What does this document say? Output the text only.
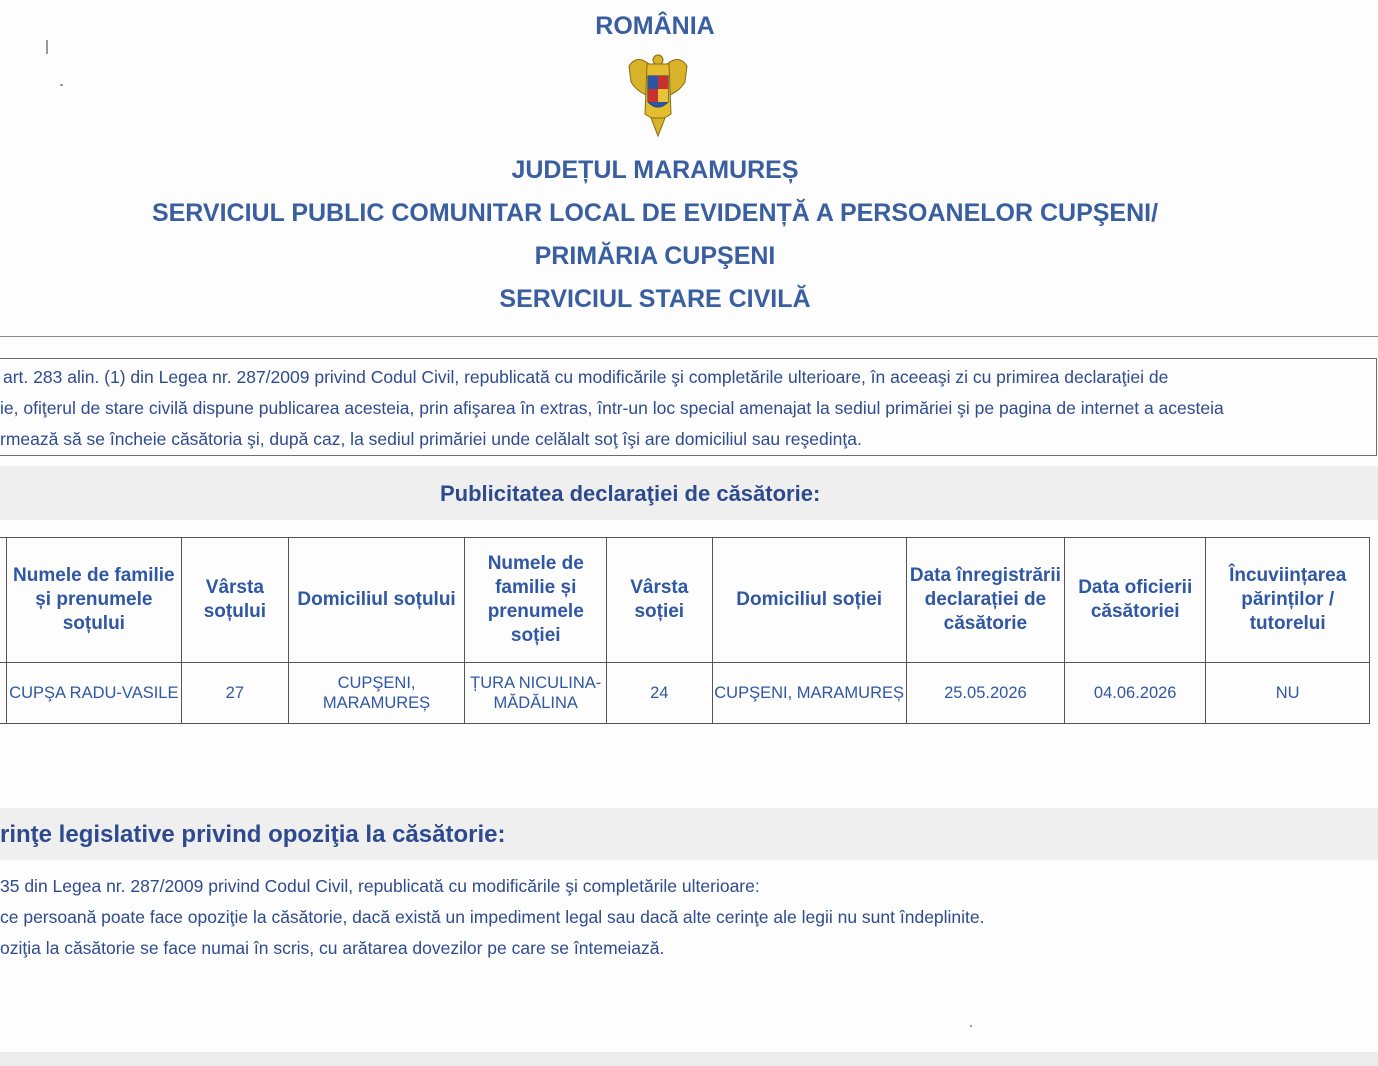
ROMÂNIA
JUDEȚUL MARAMUREȘ
SERVICIUL PUBLIC COMUNITAR LOCAL DE EVIDENȚĂ A PERSOANELOR CUPŞENI/
PRIMĂRIA CUPŞENI
SERVICIUL STARE CIVILĂ
art. 283 alin. (1) din Legea nr. 287/2009 privind Codul Civil, republicată cu modificările şi completările ulterioare, în aceeaşi zi cu primirea declaraţiei de
ie, ofiţerul de stare civilă dispune publicarea acesteia, prin afişarea în extras, într-un loc special amenajat la sediul primăriei şi pe pagina de internet a acesteia
rmează să se încheie căsătoria şi, după caz, la sediul primăriei unde celălalt soţ îşi are domiciliul sau reşedinţa.
Publicitatea declaraţiei de căsătorie:
	Numele de familie și prenumele soțului	Vârsta soțului	Domiciliul soțului	Numele de familie și prenumele soției	Vârsta soției	Domiciliul soției	Data înregistrării declarației de căsătorie	Data oficierii căsătoriei	Încuviințarea părinților / tutorelui
	CUPŞA RADU-VASILE	27	CUPŞENI, MARAMUREȘ	ȚURA NICULINA-MĂDĂLINA	24	CUPŞENI, MARAMUREȘ	25.05.2026	04.06.2026	NU
rinţe legislative privind opoziţia la căsătorie:
35 din Legea nr. 287/2009 privind Codul Civil, republicată cu modificările şi completările ulterioare:
ce persoană poate face opoziţie la căsătorie, dacă există un impediment legal sau dacă alte cerinţe ale legii nu sunt îndeplinite.
oziţia la căsătorie se face numai în scris, cu arătarea dovezilor pe care se întemeiază.
